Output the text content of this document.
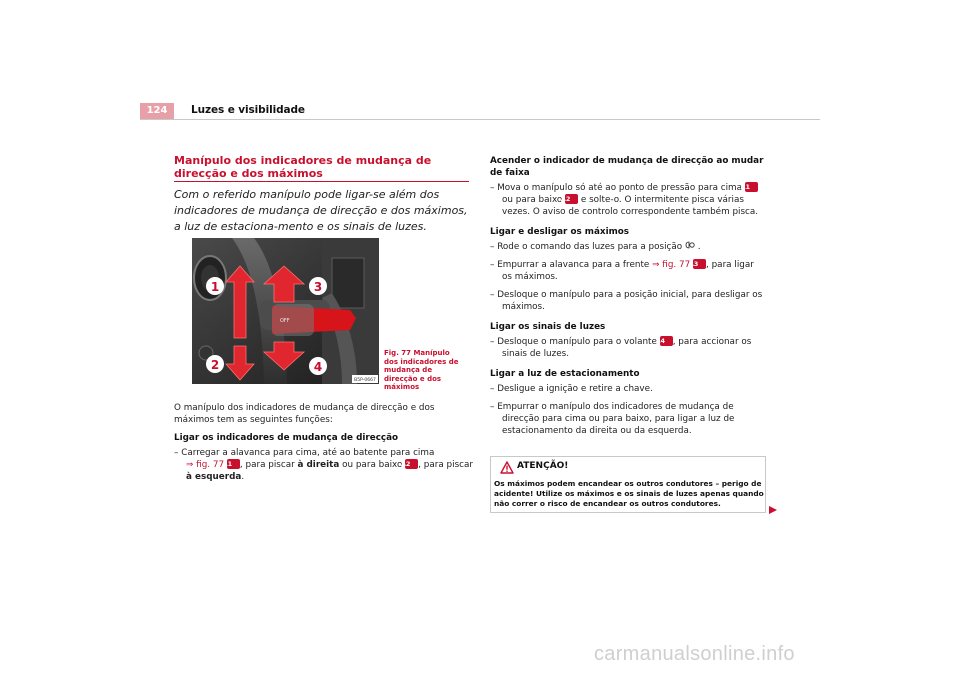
124	Luzes e visibilidade
Manípulo dos indicadores de mudança de direcção e dos máximos
Com o referido manípulo pode ligar-se além dos indicadores de mudança de direcção e dos máximos, a luz de estaciona-mento e os sinais de luzes.
OFF
1
2
3
4
B5P-0667
Fig. 77 Manípulo dos indicadores de mudança de direcção e dos máximos
O manípulo dos indicadores de mudança de direcção e dos máximos tem as seguintes funções:
Ligar os indicadores de mudança de direcção
– Carregar a alavanca para cima, até ao batente para cima
⇒ fig. 77 A1 , para piscar à direita ou para baixo A2 , para piscar à esquerda.
Acender o indicador de mudança de direcção ao mudar de faixa
– Mova o manípulo só até ao ponto de pressão para cima A1 ou para baixo A2 e solte-o. O intermitente pisca várias vezes. O aviso de controlo correspondente também pisca.
Ligar e desligar os máximos
– Rode o comando das luzes para a posição .
– Empurrar a alavanca para a frente ⇒ fig. 77 A3 , para ligar os máximos.
– Desloque o manípulo para a posição inicial, para desligar os máximos.
Ligar os sinais de luzes
– Desloque o manípulo para o volante A4 , para accionar os sinais de luzes.
Ligar a luz de estacionamento
– Desligue a ignição e retire a chave.
– Empurrar o manípulo dos indicadores de mudança de direcção para cima ou para baixo, para ligar a luz de estacionamento da direita ou da esquerda.
ATENÇÃO!
Os máximos podem encandear os outros condutores – perigo de acidente! Utilize os máximos e os sinais de luzes apenas quando não correr o risco de encandear os outros condutores.
carmanualsonline.info
